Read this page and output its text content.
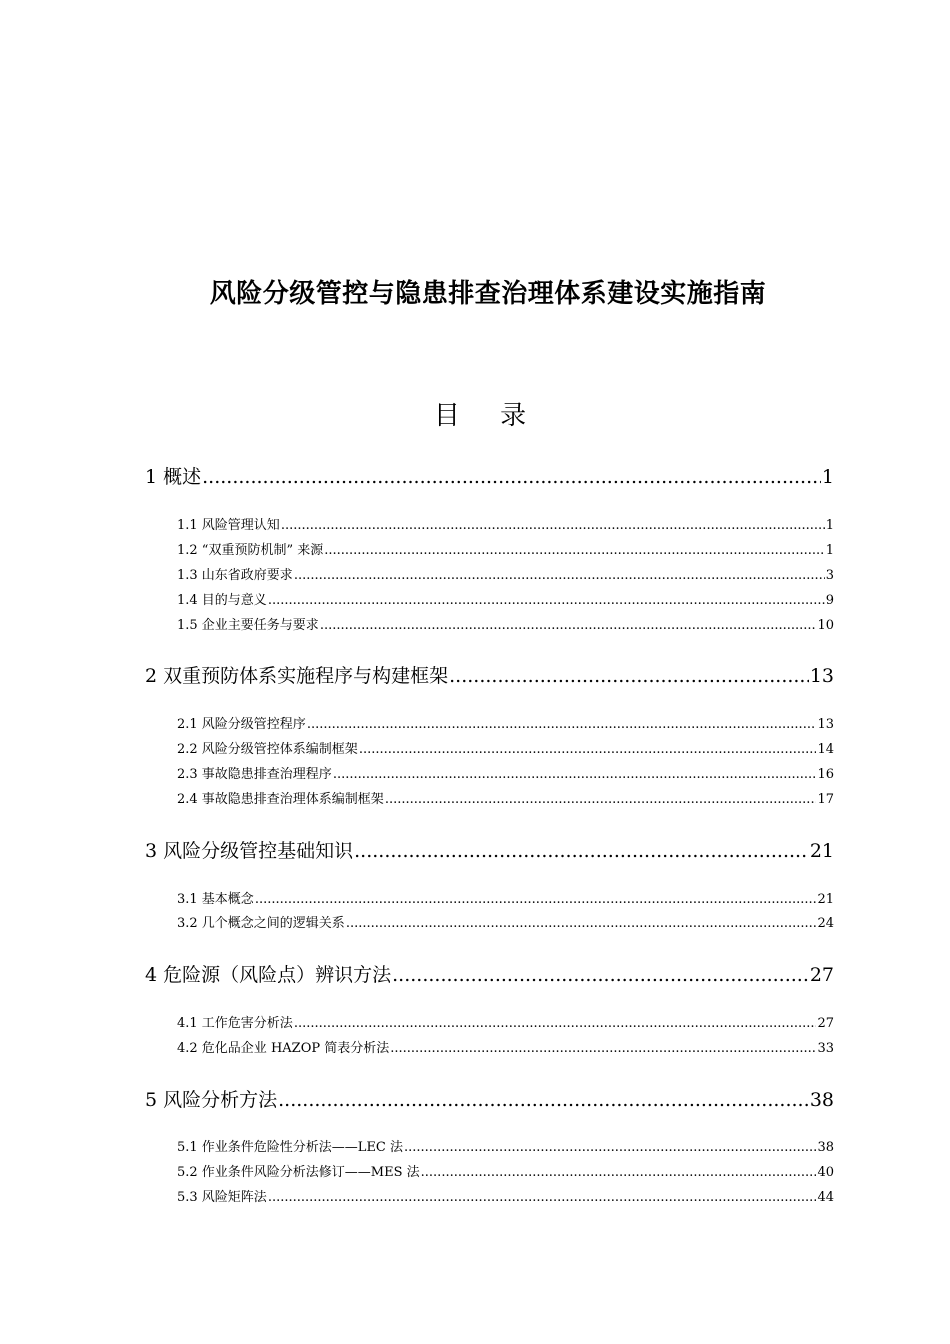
风险分级管控与隐患排查治理体系建设实施指南
目 录
1 概述 .....	1
1.1 风险管理认知 .....	1
1.2 “双重预防机制” 来源 .....	1
1.3 山东省政府要求 .....	3
1.4 目的与意义 .....	9
1.5 企业主要任务与要求 .....	10
2 双重预防体系实施程序与构建框架 .....	13
2.1 风险分级管控程序 .....	13
2.2 风险分级管控体系编制框架 .....	14
2.3 事故隐患排查治理程序 .....	16
2.4 事故隐患排查治理体系编制框架 .....	17
3 风险分级管控基础知识 .....	21
3.1 基本概念 .....	21
3.2 几个概念之间的逻辑关系 .....	24
4 危险源（风险点）辨识方法 .....	27
4.1 工作危害分析法 .....	27
4.2 危化品企业 HAZOP 简表分析法 .....	33
5 风险分析方法 .....	38
5.1 作业条件危险性分析法——LEC 法 .....	38
5.2 作业条件风险分析法修订——MES 法 .....	40
5.3 风险矩阵法 .....	44
